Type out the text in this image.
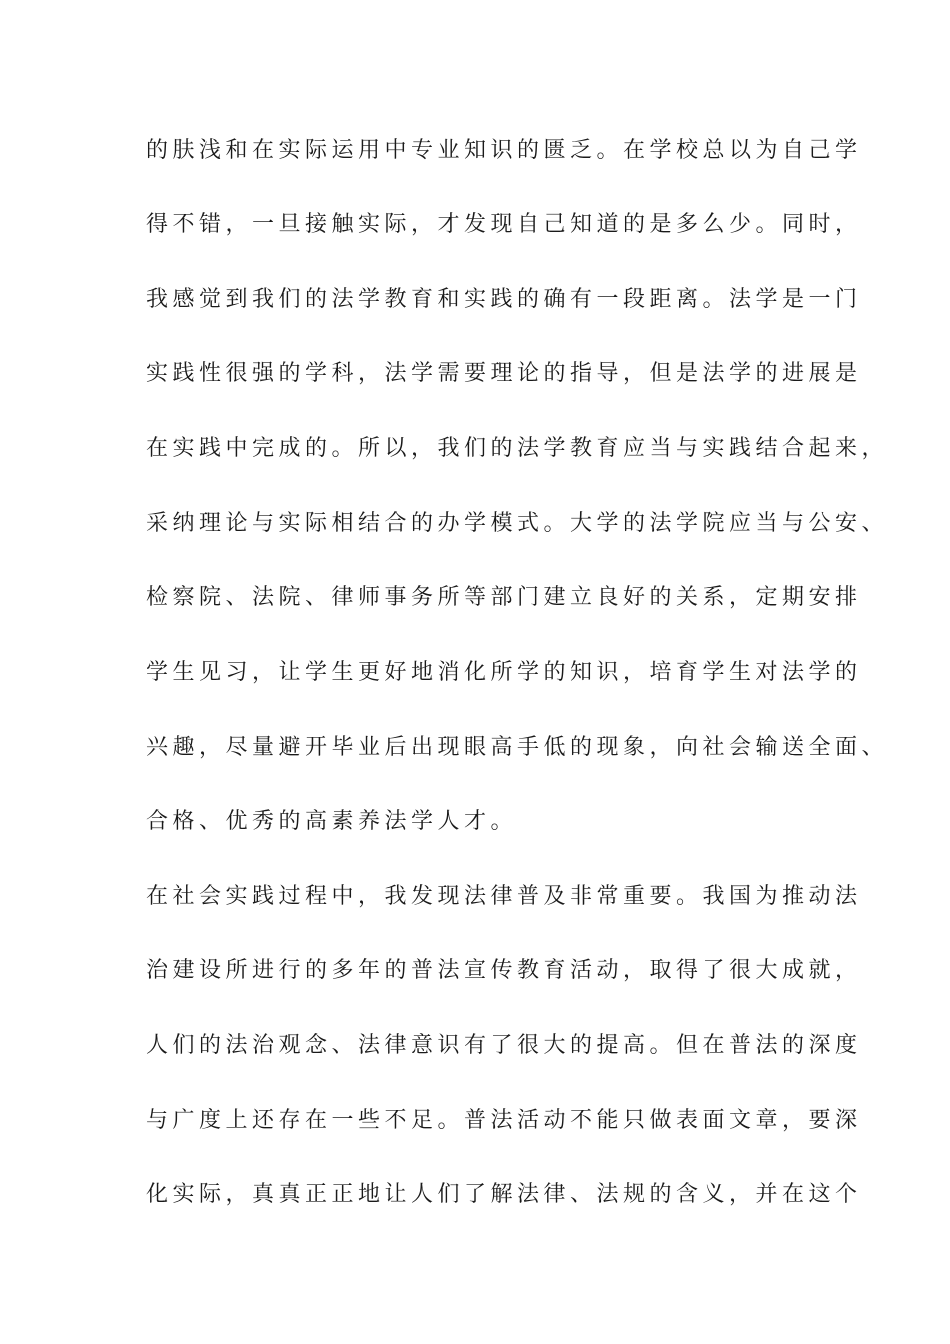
的肤浅和在实际运用中专业知识的匮乏。在学校总以为自己学
得不错，一旦接触实际，才发现自己知道的是多么少。同时，
我感觉到我们的法学教育和实践的确有一段距离。法学是一门
实践性很强的学科，法学需要理论的指导，但是法学的进展是
在实践中完成的。所以，我们的法学教育应当与实践结合起来，
采纳理论与实际相结合的办学模式。大学的法学院应当与公安、
检察院、法院、律师事务所等部门建立良好的关系，定期安排
学生见习，让学生更好地消化所学的知识，培育学生对法学的
兴趣，尽量避开毕业后出现眼高手低的现象，向社会输送全面、
合格、优秀的高素养法学人才。
在社会实践过程中，我发现法律普及非常重要。我国为推动法
治建设所进行的多年的普法宣传教育活动，取得了很大成就，
人们的法治观念、法律意识有了很大的提高。但在普法的深度
与广度上还存在一些不足。普法活动不能只做表面文章，要深
化实际，真真正正地让人们了解法律、法规的含义，并在这个
